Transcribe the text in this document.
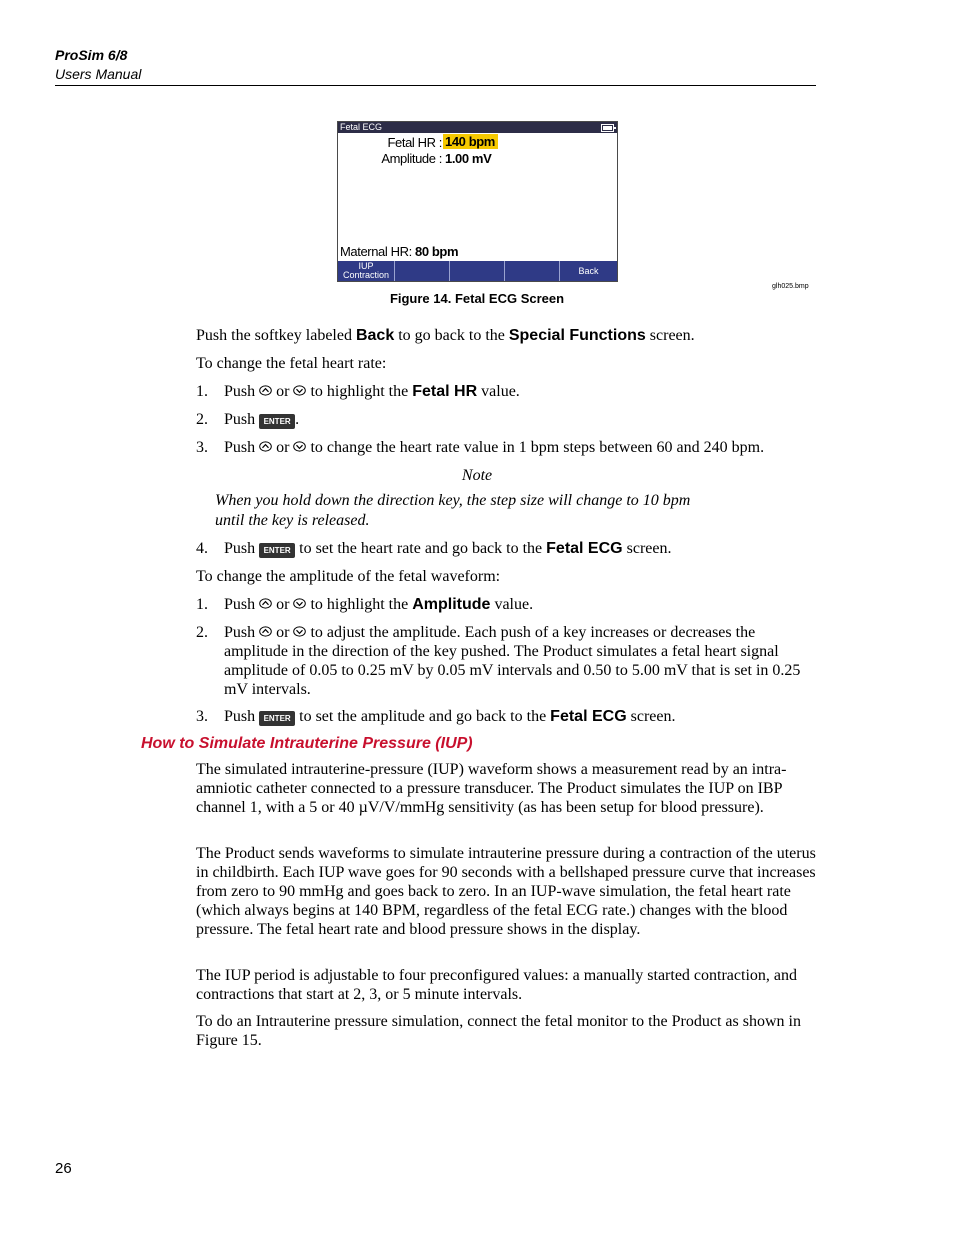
ProSim 6/8
Users Manual
Fetal ECG
Fetal HR : 140 bpm
Amplitude : 1.00 mV
Maternal HR: 80 bpm
IUP
Contraction	Back
glh025.bmp
Figure 14. Fetal ECG Screen
Push the softkey labeled Back to go back to the Special Functions screen.
To change the fetal heart rate:
1. Push  or  to highlight the Fetal HR value.
2. Push ENTER .
3. Push  or  to change the heart rate value in 1 bpm steps between 60 and 240 bpm.
Note
When you hold down the direction key, the step size will change to 10 bpm
until the key is released.
4. Push ENTER to set the heart rate and go back to the Fetal ECG screen.
To change the amplitude of the fetal waveform:
1. Push  or  to highlight the Amplitude value.
2. Push  or  to adjust the amplitude. Each push of a key increases or decreases the amplitude in the direction of the key pushed. The Product simulates a fetal heart signal amplitude of 0.05 to 0.25 mV by 0.05 mV intervals and 0.50 to 5.00 mV that is set in 0.25 mV intervals.
3. Push ENTER to set the amplitude and go back to the Fetal ECG screen.
How to Simulate Intrauterine Pressure (IUP)
The simulated intrauterine-pressure (IUP) waveform shows a measurement read by an intra-amniotic catheter connected to a pressure transducer. The Product simulates the IUP on IBP channel 1, with a 5 or 40 µV/V/mmHg sensitivity (as has been setup for blood pressure).
The Product sends waveforms to simulate intrauterine pressure during a contraction of the uterus in childbirth. Each IUP wave goes for 90 seconds with a bellshaped pressure curve that increases from zero to 90 mmHg and goes back to zero. In an IUP-wave simulation, the fetal heart rate (which always begins at 140 BPM, regardless of the fetal ECG rate.) changes with the blood pressure. The fetal heart rate and blood pressure shows in the display.
The IUP period is adjustable to four preconfigured values: a manually started contraction, and contractions that start at 2, 3, or 5 minute intervals.
To do an Intrauterine pressure simulation, connect the fetal monitor to the Product as shown in Figure 15.
26
